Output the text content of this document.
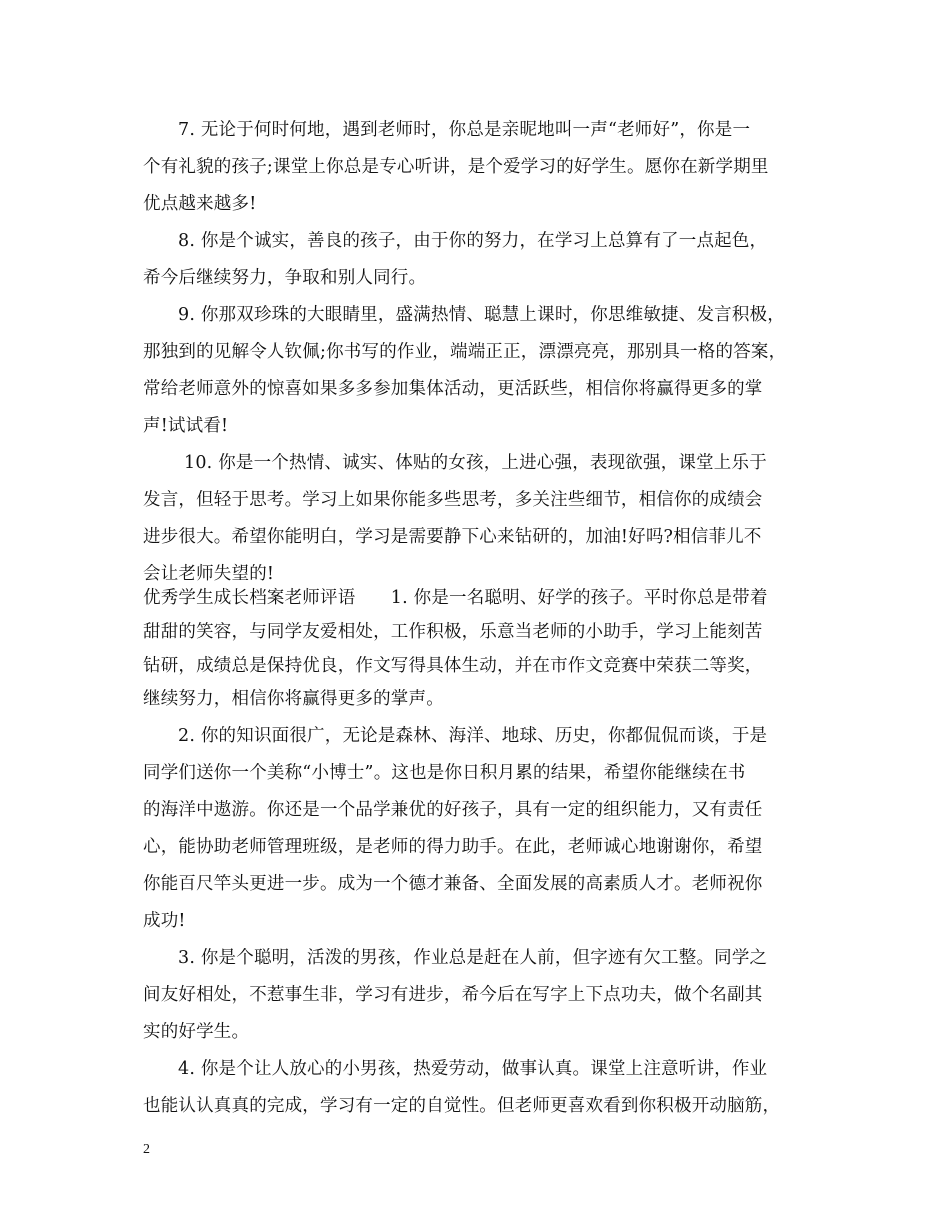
7. 无论于何时何地，遇到老师时，你总是亲昵地叫一声“老师好”，你是一
个有礼貌的孩子;课堂上你总是专心听讲，是个爱学习的好学生。愿你在新学期里
优点越来越多!
8. 你是个诚实，善良的孩子，由于你的努力，在学习上总算有了一点起色，
希今后继续努力，争取和别人同行。
9. 你那双珍珠的大眼睛里，盛满热情、聪慧上课时，你思维敏捷、发言积极，
那独到的见解令人钦佩;你书写的作业，端端正正，漂漂亮亮，那别具一格的答案，
常给老师意外的惊喜如果多多参加集体活动，更活跃些，相信你将赢得更多的掌
声!试试看!
10. 你是一个热情、诚实、体贴的女孩，上进心强，表现欲强，课堂上乐于
发言，但轻于思考。学习上如果你能多些思考，多关注些细节，相信你的成绩会
进步很大。希望你能明白，学习是需要静下心来钻研的，加油!好吗?相信菲儿不
会让老师失望的!
优秀学生成长档案老师评语　　1. 你是一名聪明、好学的孩子。平时你总是带着
甜甜的笑容，与同学友爱相处，工作积极，乐意当老师的小助手，学习上能刻苦
钻研，成绩总是保持优良，作文写得具体生动，并在市作文竞赛中荣获二等奖，
继续努力，相信你将赢得更多的掌声。
2. 你的知识面很广，无论是森林、海洋、地球、历史，你都侃侃而谈，于是
同学们送你一个美称“小博士”。这也是你日积月累的结果，希望你能继续在书
的海洋中遨游。你还是一个品学兼优的好孩子，具有一定的组织能力，又有责任
心，能协助老师管理班级，是老师的得力助手。在此，老师诚心地谢谢你，希望
你能百尺竿头更进一步。成为一个德才兼备、全面发展的高素质人才。老师祝你
成功!
3. 你是个聪明，活泼的男孩，作业总是赶在人前，但字迹有欠工整。同学之
间友好相处，不惹事生非，学习有进步，希今后在写字上下点功夫，做个名副其
实的好学生。
4. 你是个让人放心的小男孩，热爱劳动，做事认真。课堂上注意听讲，作业
也能认认真真的完成，学习有一定的自觉性。但老师更喜欢看到你积极开动脑筋，
2
